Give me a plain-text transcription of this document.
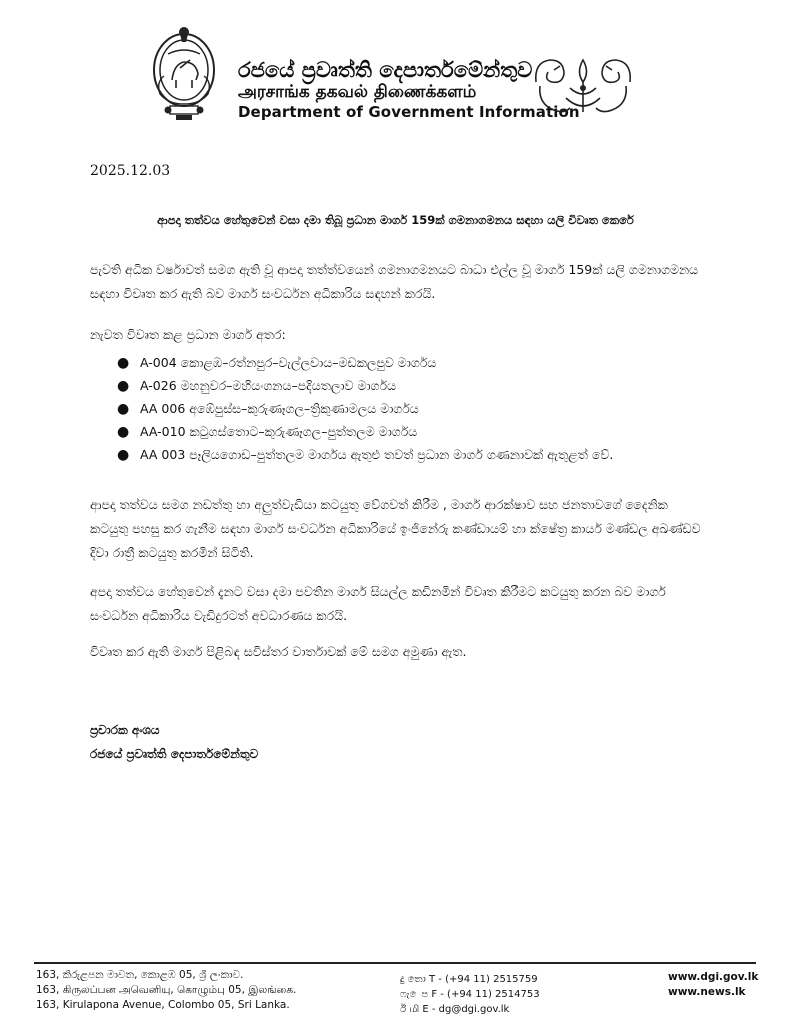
රජයේ ප්‍රවෘත්ති දෙපාර්තමේන්තුව
அரசாங்க தகவல் திணைக்களம்
Department of Government Information
2025.12.03
ආපදා තත්වය හේතුවෙන් වසා දමා තිබූ ප්‍රධාන මාර්ග 159ක් ගමනාගමනය සඳහා යලි විවෘත කෙරේ
පැවති අධික වර්ෂාවත් සමග ඇති වූ ආපදා තත්ත්වයෙන් ගමනාගමනයට බාධා එල්ල වූ මාර්ග 159ක් යලි ගමනාගමනය සඳහා විවෘත කර ඇති බව මාර්ග සංවර්ධන අධිකාරිය සඳහන් කරයි.
නැවත විවෘත කළ ප්‍රධාන මාර්ග අතර:
● A-004 කොළඹ–රත්නපුර–වැල්ලවාය–මඩකලපුව මාර්ගය
● A-026 මහනුවර–මහියංගනය–පදියතලාව මාර්ගය
● AA 006 අඹේපුස්ස–කුරුණෑගල–ත්‍රිකුණාමලය මාර්ගය
● AA-010 කටුගස්තොට–කුරුණෑගල–පුත්තලම මාර්ගය
● AA 003 පෑලියගොඩ–පුත්තලම මාර්ගය ඇතුළු තවත් ප්‍රධාන මාර්ග ගණනාවක් ඇතුළත් වේ.
ආපදා තත්වය සමග නඩත්තු හා අලුත්වැඩියා කටයුතු වේගවත් කිරීම , මාර්ග ආරක්ෂාව සහ ජනතාවගේ දෛනික කටයුතු පහසු කර ගැනීම සඳහා මාර්ග සංවර්ධන අධිකාරියේ ඉංජිනේරු කණ්ඩායම් හා ක්ෂේත්‍ර කාර්ය මණ්ඩල අඛණ්ඩව දිවා රාත්‍රී කටයුතු කරමින් සිටිති.
අපදා තත්වය හේතුවෙන් දැනට වසා දමා පවතින මාර්ග සියල්ල කඩිනමින් විවෘත කිරීමට කටයුතු කරන බව මාර්ග සංවර්ධන අධිකාරිය වැඩිදුරටත් අවධාරණය කරයි.
විවෘත කර ඇති මාර්ග පිළිබඳ සවිස්තර වාර්තාවක් මේ සමග අමුණා ඇත.
ප්‍රචාරක අංශය
රජයේ ප්‍රවෘත්ති දෙපාර්තමේන්තුව
163, කිරුළපන මාවත, කොළඹ 05, ශ්‍රී ලංකාව.
163, கிருலப்பன அவெனியு, கொழும்பு 05, இலங்கை.
163, Kirulapona Avenue, Colombo 05, Sri Lanka.
දු තො T - (+94 11) 2515759
ෆැ ෙප F - (+94 11) 2514753
ඊ மி E - dg@dgi.gov.lk
www.dgi.gov.lk
www.news.lk
